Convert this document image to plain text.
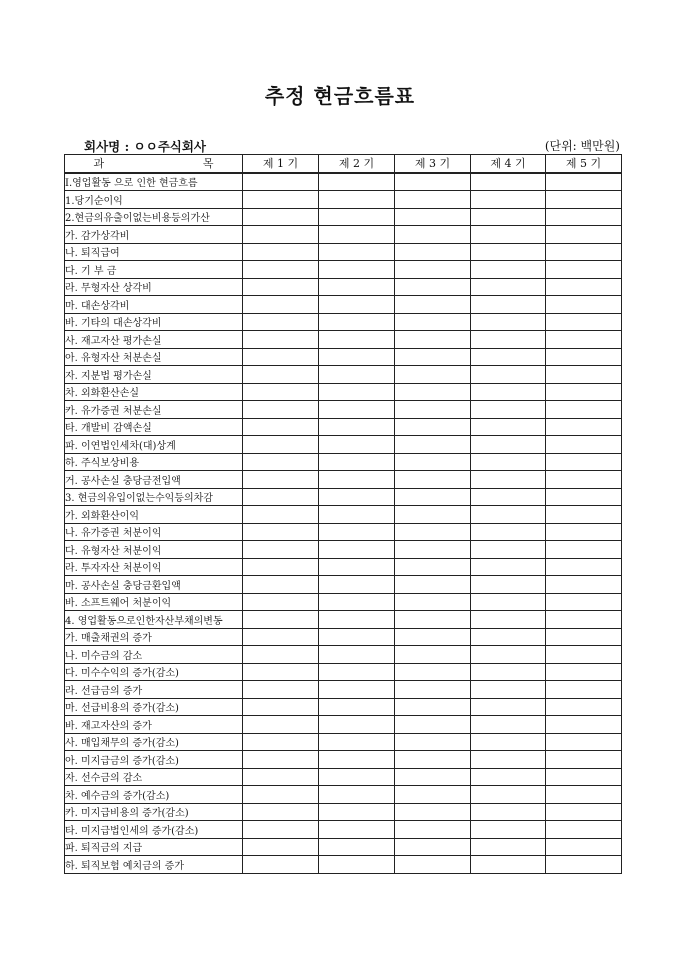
추정 현금흐름표
회사명 : ㅇㅇ주식회사	(단위: 백만원)
과 목	제 1 기	제 2 기	제 3 기	제 4 기	제 5 기
Ⅰ.영업활동 으로 인한 현금흐름					
1.당기순이익					
2.현금의유출이없는비용등의가산					
가. 감가상각비					
나. 퇴직급여					
다. 기 부 금					
라. 무형자산 상각비					
마. 대손상각비					
바. 기타의 대손상각비					
사. 재고자산 평가손실					
아. 유형자산 처분손실					
자. 지분법 평가손실					
차. 외화환산손실					
카. 유가증권 처분손실					
타. 개발비 감액손실					
파. 이연법인세차(대)상계					
하. 주식보상비용					
거. 공사손실 충당금전입액					
3. 현금의유입이없는수익등의차감					
가. 외화환산이익					
나. 유가증권 처분이익					
다. 유형자산 처분이익					
라. 투자자산 처분이익					
마. 공사손실 충당금환입액					
바. 소프트웨어 처분이익					
4. 영업활동으로인한자산부채의변동					
가. 매출채권의 증가					
나. 미수금의 감소					
다. 미수수익의 증가(감소)					
라. 선급금의 증가					
마. 선급비용의 증가(감소)					
바. 재고자산의 증가					
사. 매입채무의 증가(감소)					
아. 미지급금의 증가(감소)					
자. 선수금의 감소					
차. 예수금의 증가(감소)					
카. 미지급비용의 증가(감소)					
타. 미지급법인세의 증가(감소)					
파. 퇴직금의 지급					
하. 퇴직보험 예치금의 증가					
